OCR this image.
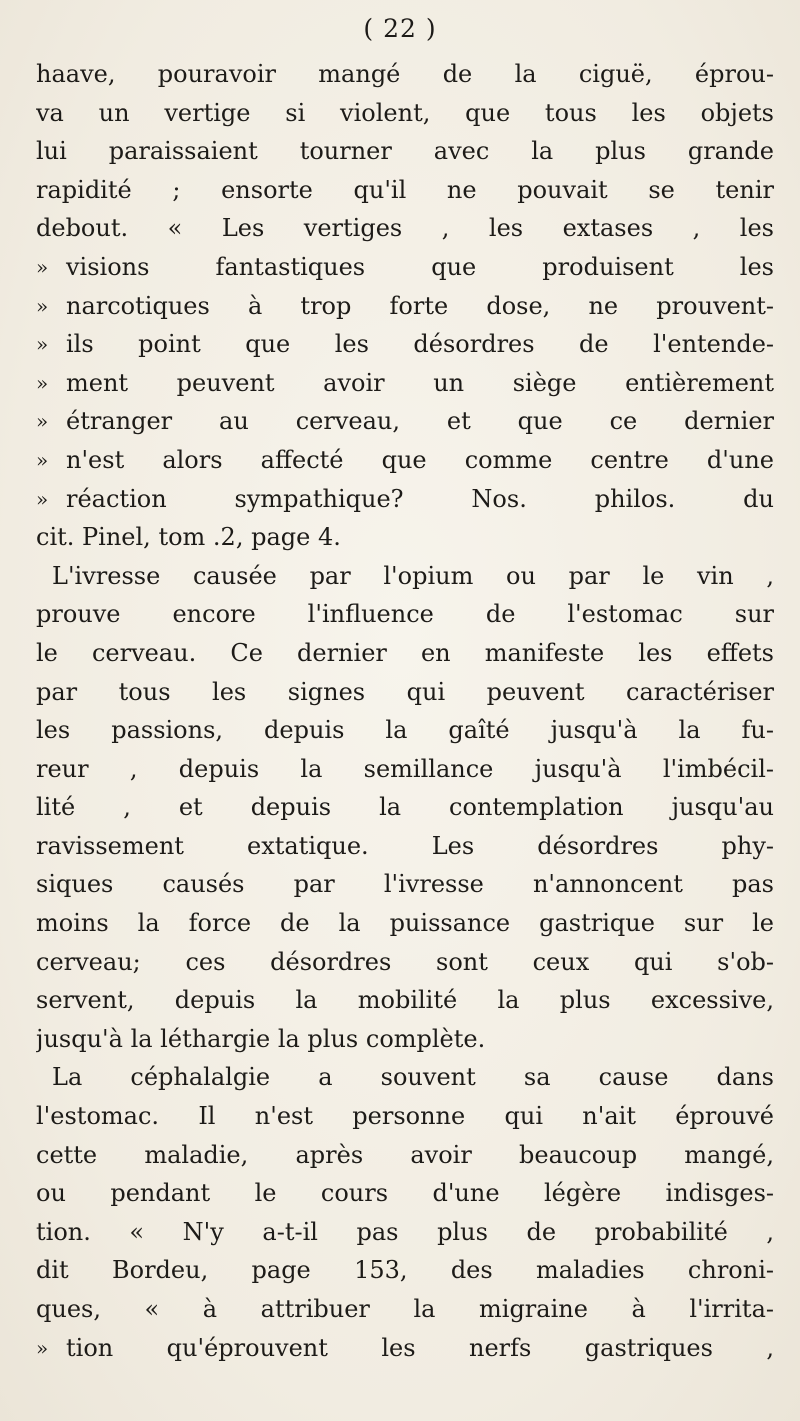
( 22 )
haave, pouravoir mangé de la ciguë, éprou-
va un vertige si violent, que tous les objets
lui paraissaient tourner avec la plus grande
rapidité ; ensorte qu'il ne pouvait se tenir
debout. « Les vertiges , les extases , les
» visions fantastiques que produisent les
» narcotiques à trop forte dose, ne prouvent-
» ils point que les désordres de l'entende-
» ment peuvent avoir un siège entièrement
» étranger au cerveau, et que ce dernier
» n'est alors affecté que comme centre d'une
» réaction sympathique? Nos. philos. du
cit. Pinel, tom .2, page 4.
L'ivresse causée par l'opium ou par le vin ,
prouve encore l'influence de l'estomac sur
le cerveau. Ce dernier en manifeste les effets
par tous les signes qui peuvent caractériser
les passions, depuis la gaîté jusqu'à la fu-
reur , depuis la semillance jusqu'à l'imbécil-
lité , et depuis la contemplation jusqu'au
ravissement extatique. Les désordres phy-
siques causés par l'ivresse n'annoncent pas
moins la force de la puissance gastrique sur le
cerveau; ces désordres sont ceux qui s'ob-
servent, depuis la mobilité la plus excessive,
jusqu'à la léthargie la plus complète.
La céphalalgie a souvent sa cause dans
l'estomac. Il n'est personne qui n'ait éprouvé
cette maladie, après avoir beaucoup mangé,
ou pendant le cours d'une légère indisges-
tion. « N'y a-t-il pas plus de probabilité ,
dit Bordeu, page 153, des maladies chroni-
ques, « à attribuer la migraine à l'irrita-
» tion qu'éprouvent les nerfs gastriques ,
